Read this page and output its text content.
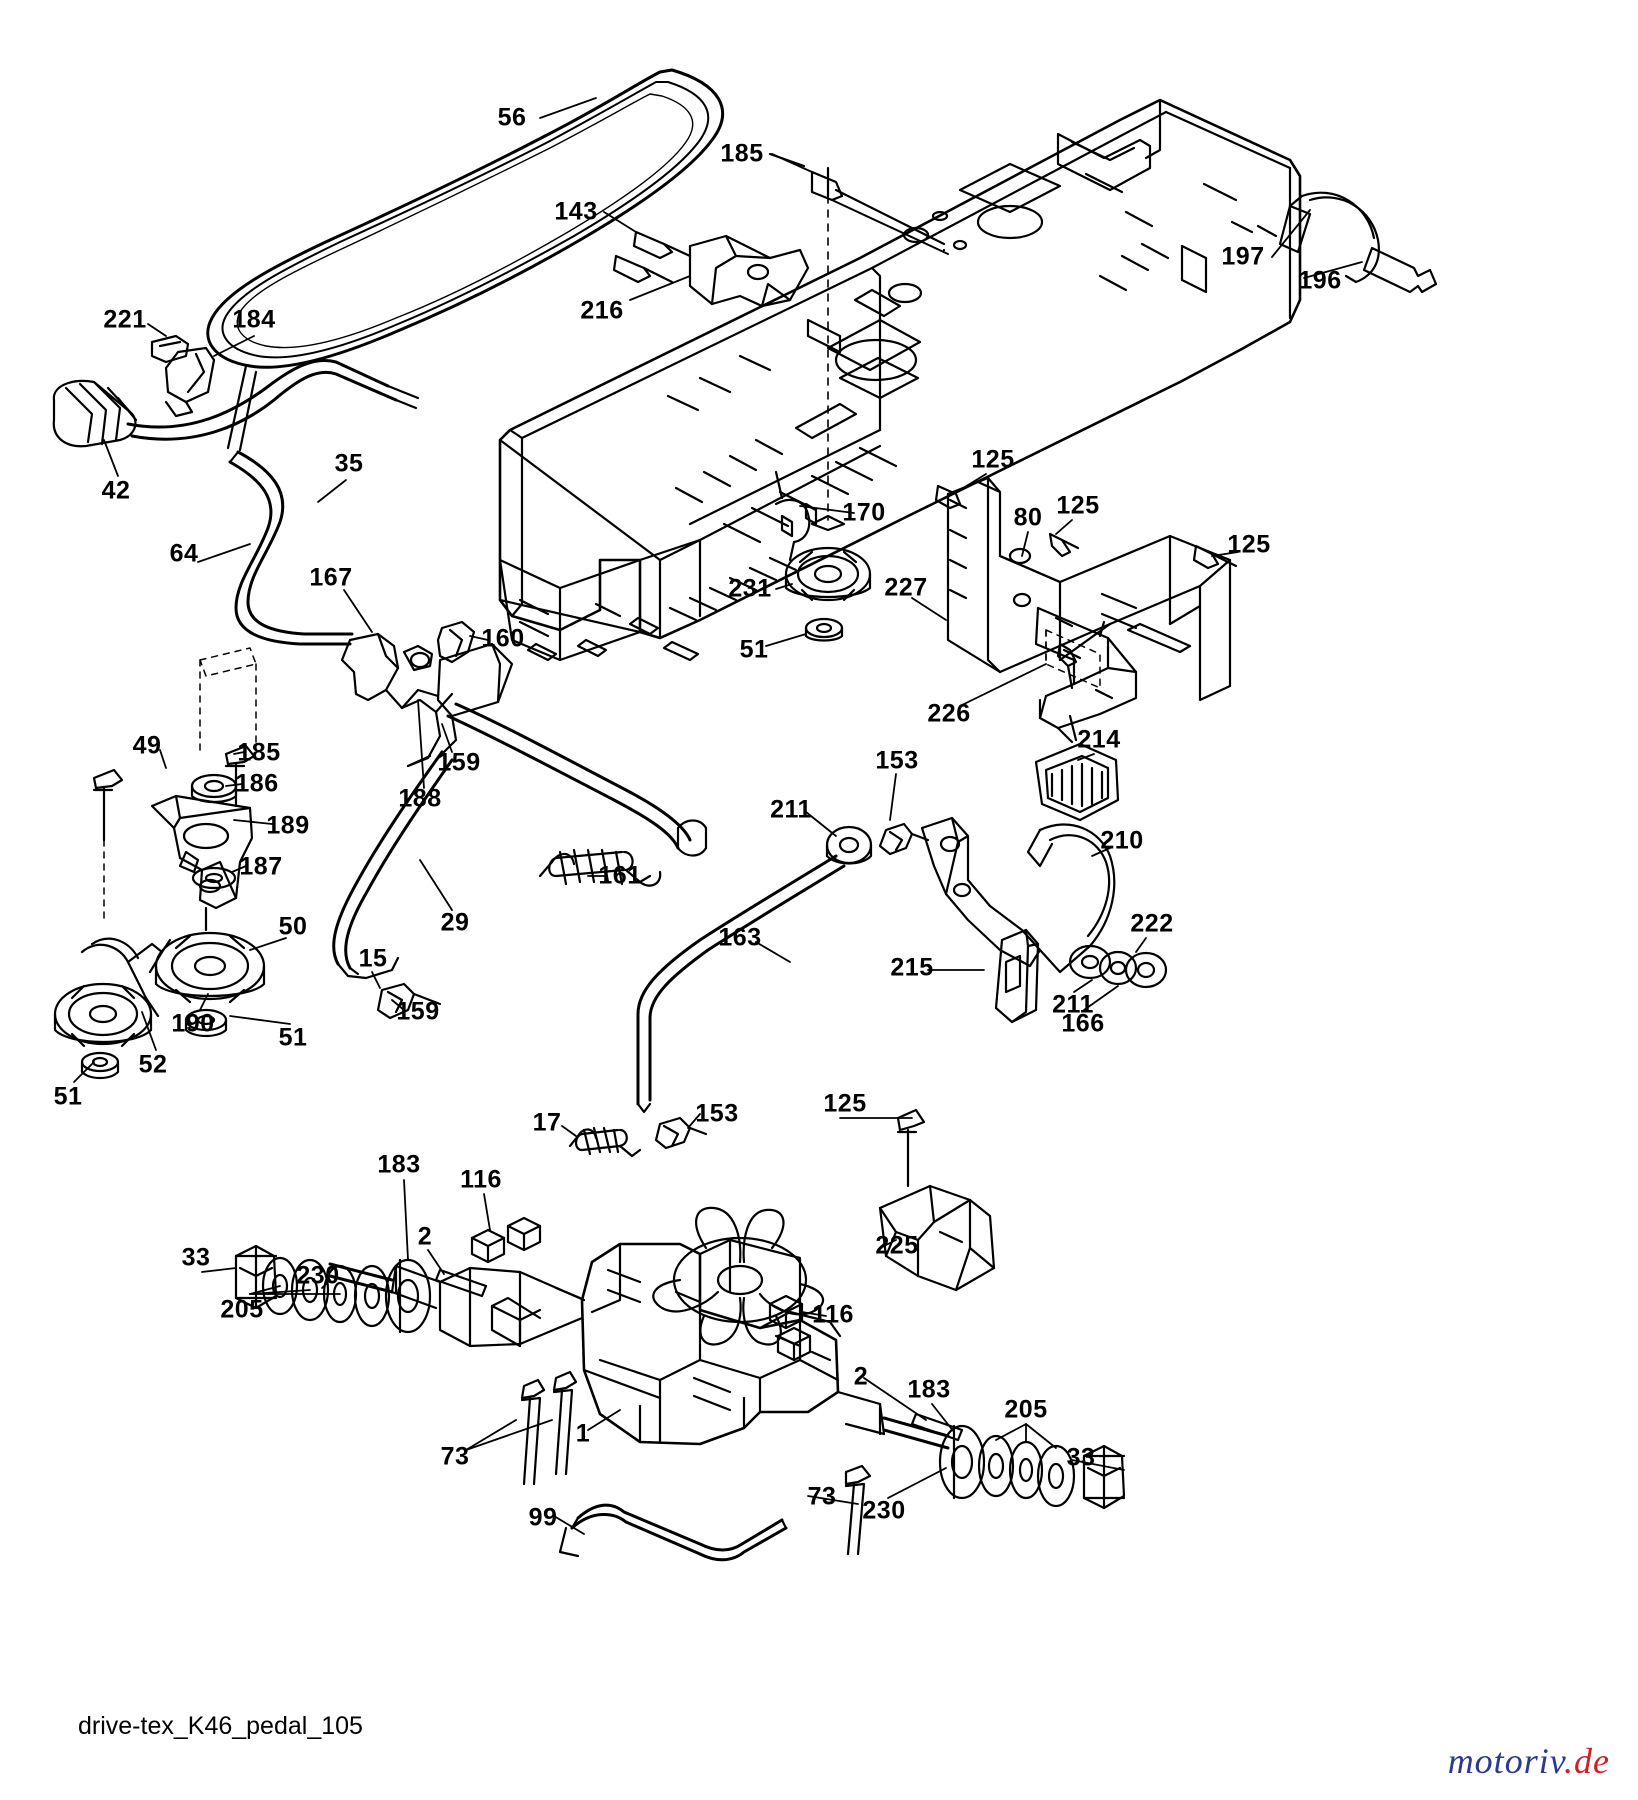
56
185
143
197
196
216
221	184
35	125
42
80 125
170
64	125
231
167	227
160	51
226
49	185	159	153
214
186
211
188
189
210
187	161
29
50	222
163
15	215
211
159
190	51	166
52
51
153	125
17
183
116
2	225
33
230
205	116
1
2 183
205
73	33
230
73
99
drive-tex_K46_pedal_105
motoriv.de
